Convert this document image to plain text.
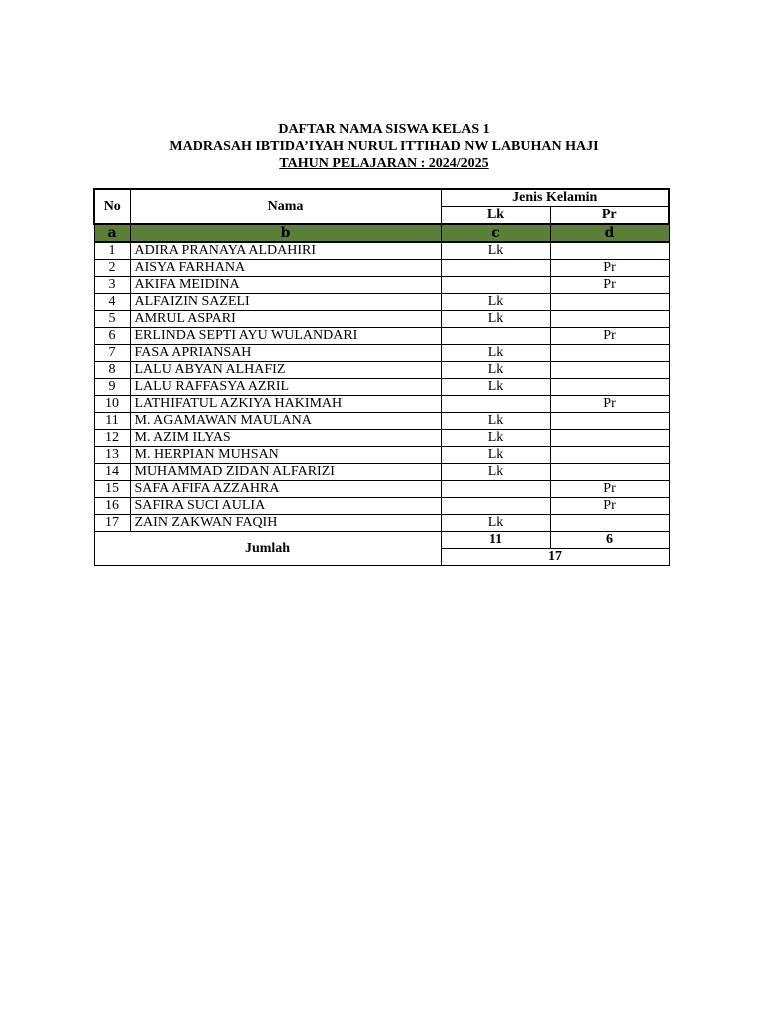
DAFTAR NAMA SISWA KELAS 1
MADRASAH IBTIDA’IYAH NURUL ITTIHAD NW LABUHAN HAJI
TAHUN PELAJARAN : 2024/2025
No	Nama	Jenis Kelamin	
		Lk	Pr
a	b	c	d
1	ADIRA PRANAYA ALDAHIRI	Lk	
2	AISYA FARHANA		Pr
3	AKIFA MEIDINA		Pr
4	ALFAIZIN SAZELI	Lk	
5	AMRUL ASPARI	Lk	
6	ERLINDA SEPTI AYU WULANDARI		Pr
7	FASA APRIANSAH	Lk	
8	LALU ABYAN ALHAFIZ	Lk	
9	LALU RAFFASYA AZRIL	Lk	
10	LATHIFATUL AZKIYA HAKIMAH		Pr
11	M. AGAMAWAN MAULANA	Lk	
12	M. AZIM ILYAS	Lk	
13	M. HERPIAN MUHSAN	Lk	
14	MUHAMMAD ZIDAN ALFARIZI	Lk	
15	SAFA AFIFA AZZAHRA		Pr
16	SAFIRA SUCI AULIA		Pr
17	ZAIN ZAKWAN FAQIH	Lk	
Jumlah		11	6
		17	
